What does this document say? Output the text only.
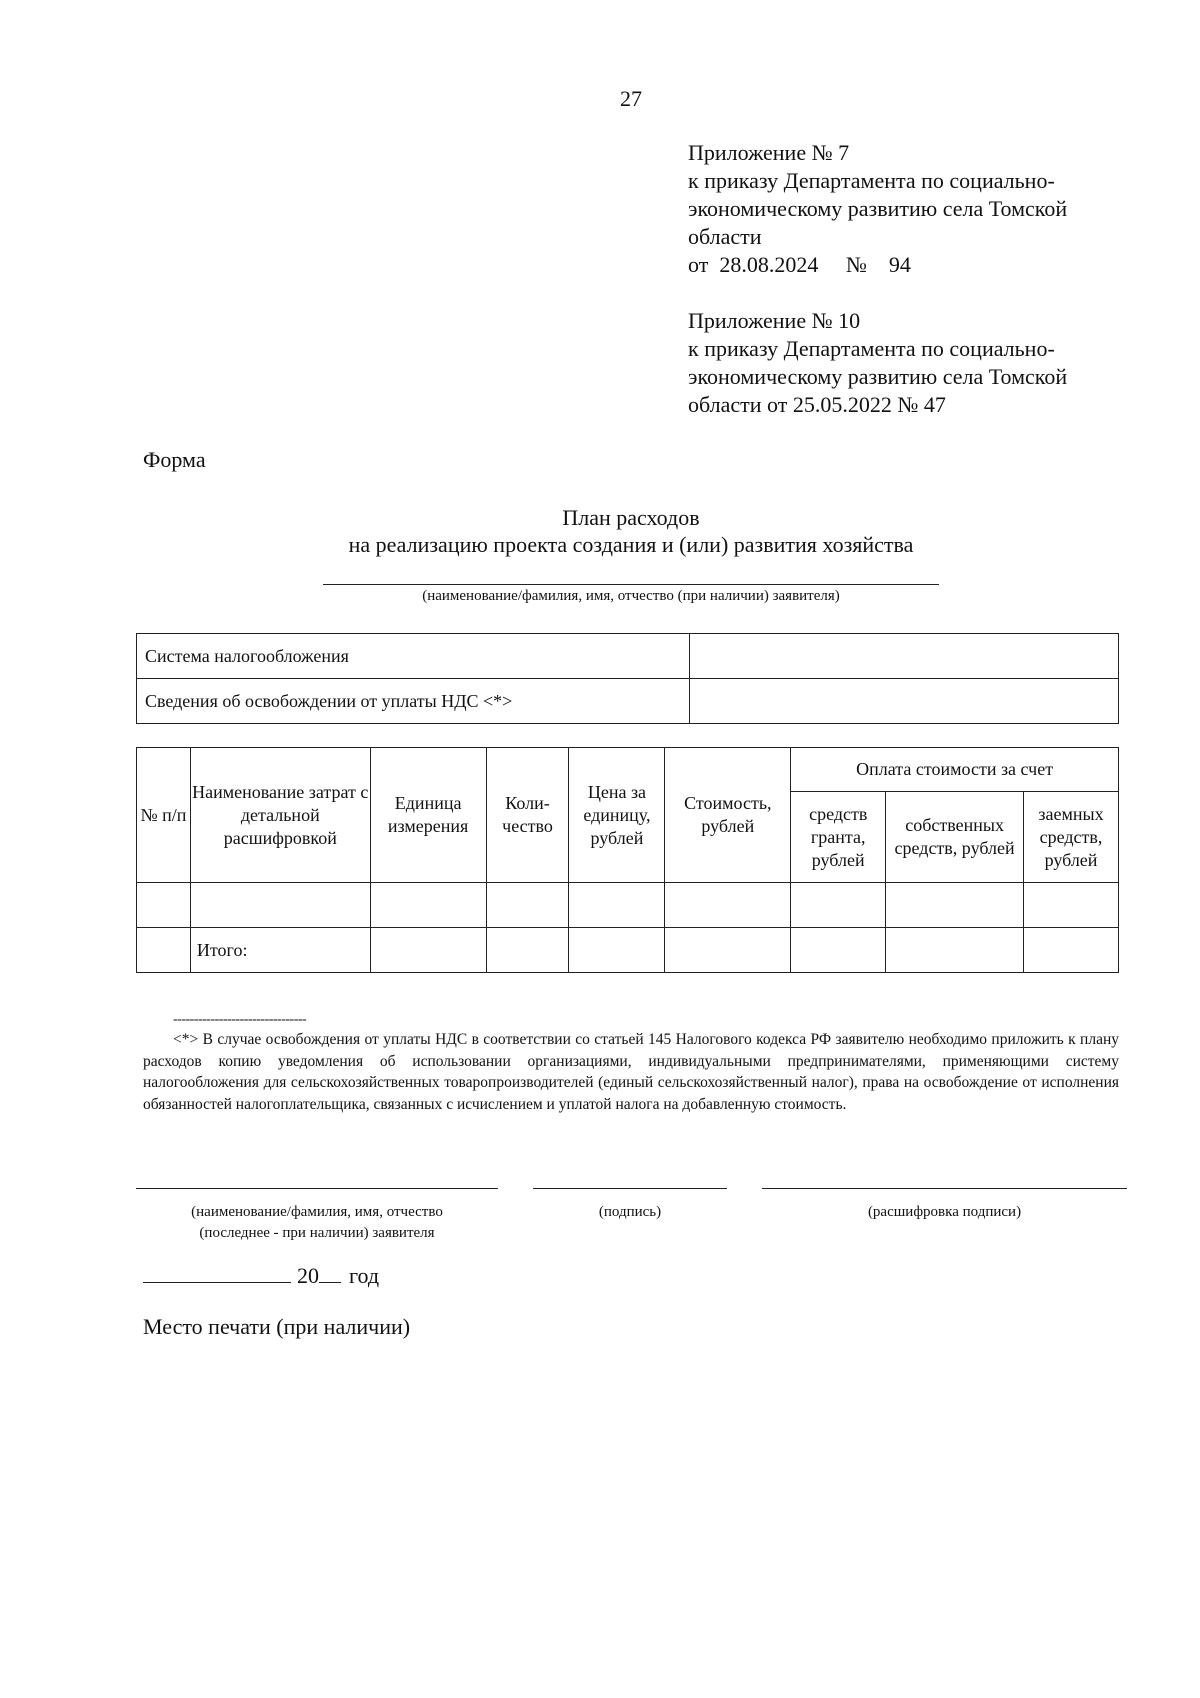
27
Приложение № 7
к приказу Департамента по социально-
экономическому развитию села Томской
области
от 28.08.2024 № 94
Приложение № 10
к приказу Департамента по социально-
экономическому развитию села Томской
области от 25.05.2022 № 47
Форма
План расходов
на реализацию проекта создания и (или) развития хозяйства
(наименование/фамилия, имя, отчество (при наличии) заявителя)
Система налогообложения	
Сведения об освобождении от уплаты НДС <*>	
№ п/п	Наименование затрат с детальной расшифровкой	Единица измерения	Коли-чество	Цена за единицу, рублей	Стоимость, рублей	Оплата стоимости за счет		
						средств гранта, рублей	собственных средств, рублей	заемных средств, рублей

	Итого:							
--------------------------------
<*> В случае освобождения от уплаты НДС в соответствии со статьей 145 Налогового кодекса РФ заявителю необходимо приложить к плану расходов копию уведомления об использовании организациями, индивидуальными предпринимателями, применяющими систему налогообложения для сельскохозяйственных товаропроизводителей (единый сельскохозяйственный налог), права на освобождение от исполнения обязанностей налогоплательщика, связанных с исчислением и уплатой налога на добавленную стоимость.
(наименование/фамилия, имя, отчество
(последнее - при наличии) заявителя
(подпись)	(расшифровка подписи)
20 год
Место печати (при наличии)
